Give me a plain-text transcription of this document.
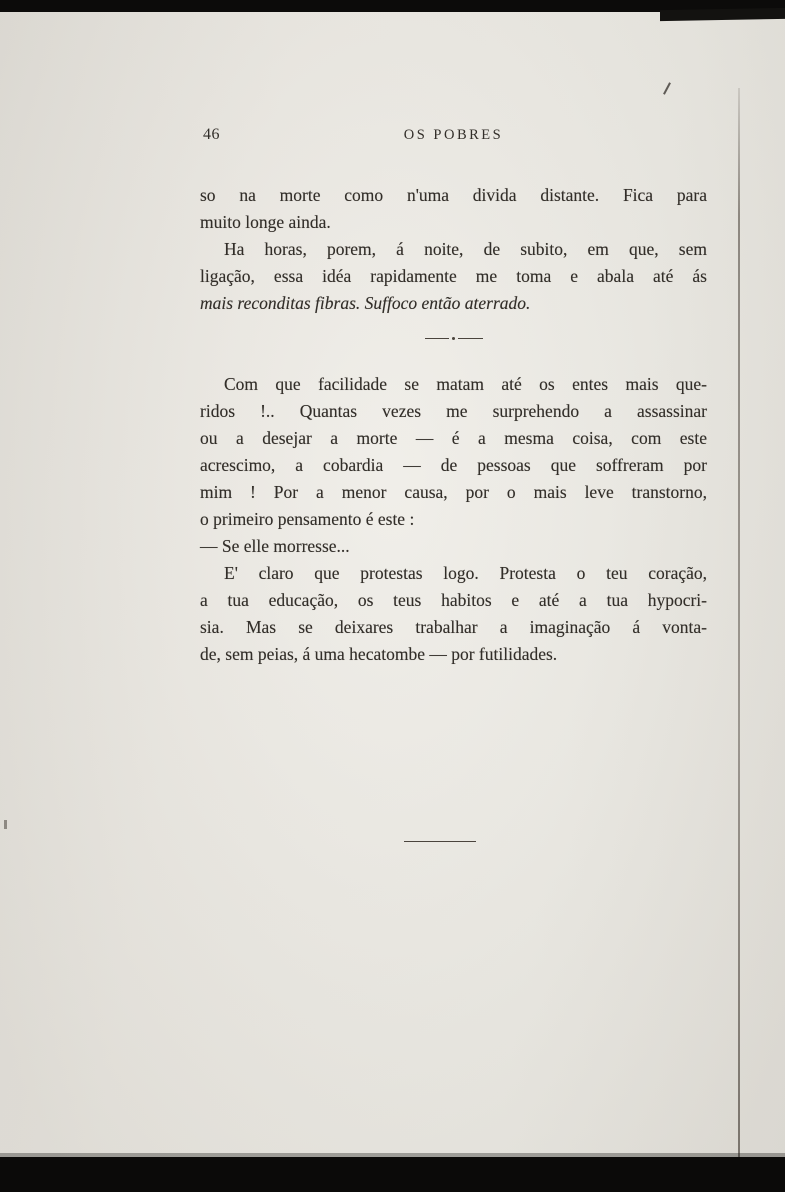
46	OS POBRES
so na morte como n'uma divida distante. Fica para
muito longe ainda.
Ha horas, porem, á noite, de subito, em que, sem
ligação, essa idéa rapidamente me toma e abala até ás
mais reconditas fibras. Suffoco então aterrado.
Com que facilidade se matam até os entes mais que-
ridos !.. Quantas vezes me surprehendo a assassinar
ou a desejar a morte — é a mesma coisa, com este
acrescimo, a cobardia — de pessoas que soffreram por
mim ! Por a menor causa, por o mais leve transtorno,
o primeiro pensamento é este :
— Se elle morresse...
E' claro que protestas logo. Protesta o teu coração,
a tua educação, os teus habitos e até a tua hypocri-
sia. Mas se deixares trabalhar a imaginação á vonta-
de, sem peias, á uma hecatombe — por futilidades.
